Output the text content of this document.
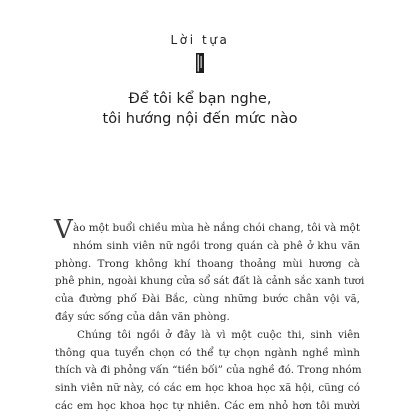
Lời tựa
Để tôi kể bạn nghe,
tôi hướng nội đến mức nào
V ào một buổi chiều mùa hè nắng chói chang, tôi và một
nhóm sinh viên nữ ngồi trong quán cà phê ở khu văn
phòng. Trong không khí thoang thoảng mùi hương cà
phê phin, ngoài khung cửa sổ sát đất là cảnh sắc xanh tươi
của đường phố Đài Bắc, cùng những bước chân vội vã,
đầy sức sống của dân văn phòng.
Chúng tôi ngồi ở đây là vì một cuộc thi, sinh viên
thông qua tuyển chọn có thể tự chọn ngành nghề mình
thích và đi phỏng vấn “tiền bối” của nghề đó. Trong nhóm
sinh viên nữ này, có các em học khoa học xã hội, cũng có
các em học khoa học tự nhiên. Các em nhỏ hơn tôi mười
